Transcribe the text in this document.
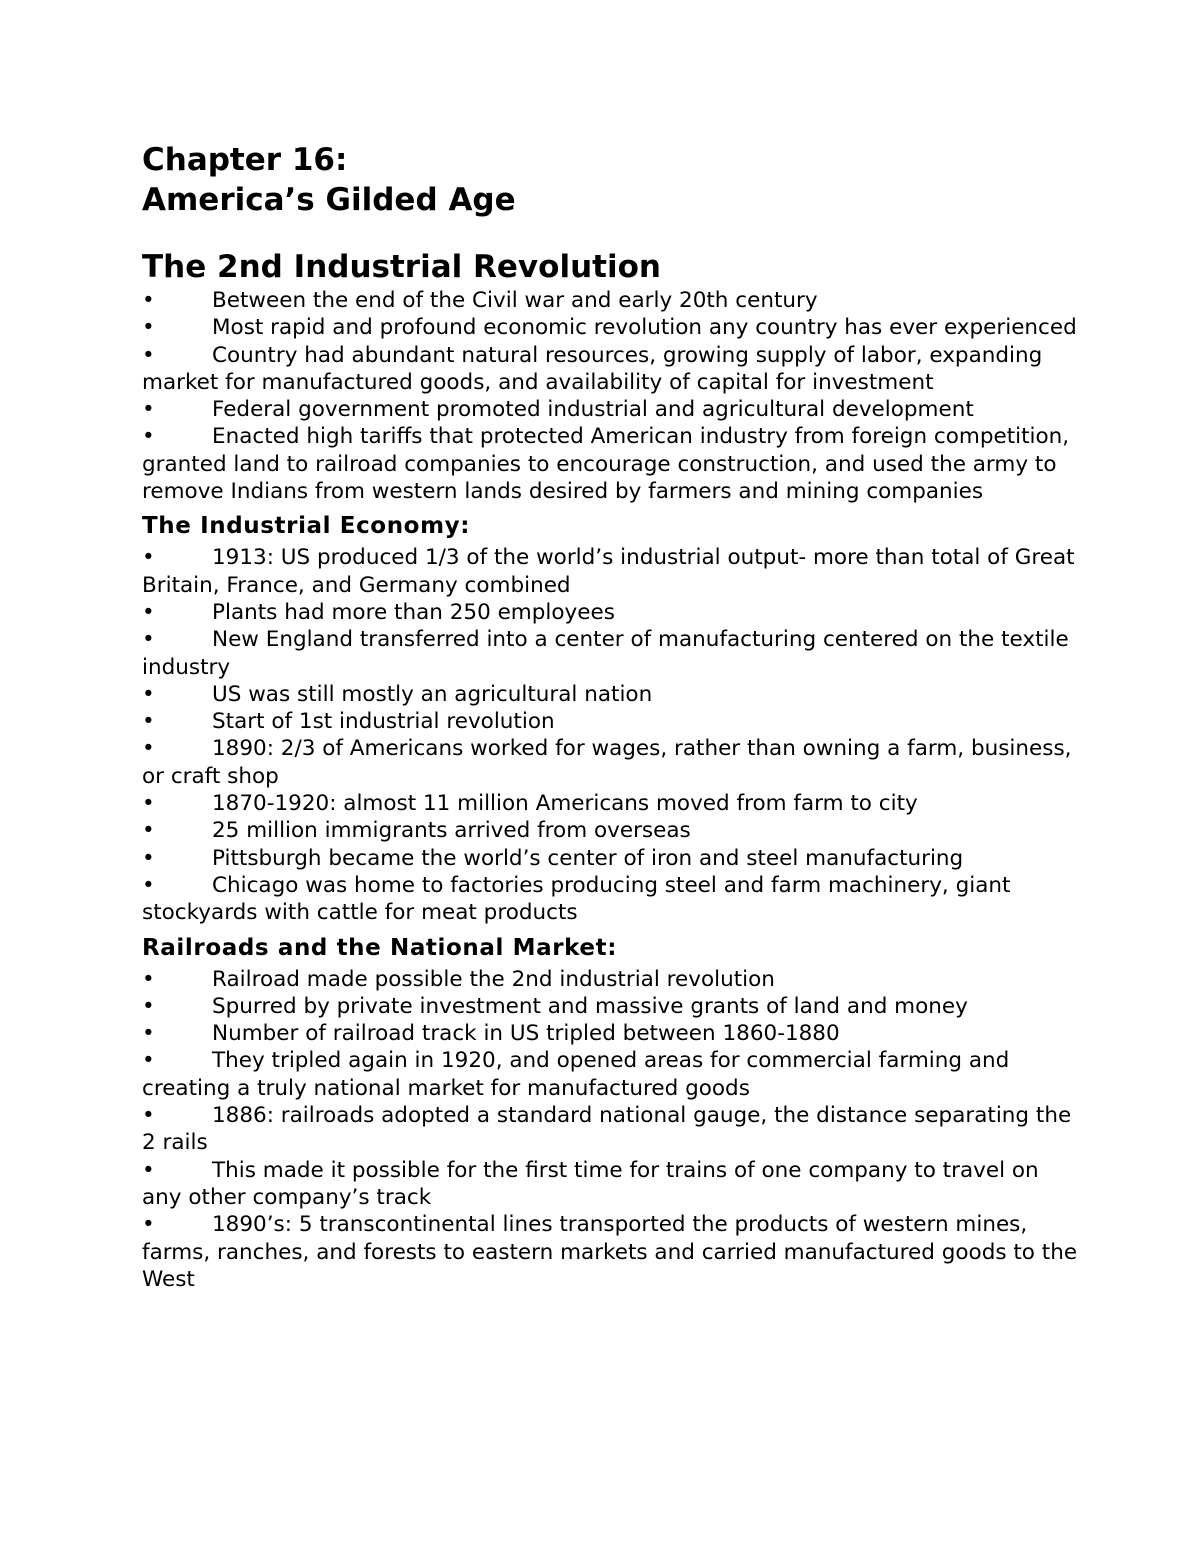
Chapter 16:
America’s Gilded Age
The 2nd Industrial Revolution
•	Between the end of the Civil war and early 20th century
•	Most rapid and profound economic revolution any country has ever experienced
•	Country had abundant natural resources, growing supply of labor, expanding market for manufactured goods, and availability of capital for investment
•	Federal government promoted industrial and agricultural development
•	Enacted high tariffs that protected American industry from foreign competition, granted land to railroad companies to encourage construction, and used the army to remove Indians from western lands desired by farmers and mining companies
The Industrial Economy:
•	1913: US produced 1/3 of the world’s industrial output- more than total of Great Britain, France, and Germany combined
•	Plants had more than 250 employees
•	New England transferred into a center of manufacturing centered on the textile industry
•	US was still mostly an agricultural nation
•	Start of 1st industrial revolution
•	1890: 2/3 of Americans worked for wages, rather than owning a farm, business, or craft shop
•	1870-1920: almost 11 million Americans moved from farm to city
•	25 million immigrants arrived from overseas
•	Pittsburgh became the world’s center of iron and steel manufacturing
•	Chicago was home to factories producing steel and farm machinery, giant stockyards with cattle for meat products
Railroads and the National Market:
•	Railroad made possible the 2nd industrial revolution
•	Spurred by private investment and massive grants of land and money
•	Number of railroad track in US tripled between 1860-1880
•	They tripled again in 1920, and opened areas for commercial farming and creating a truly national market for manufactured goods
•	1886: railroads adopted a standard national gauge, the distance separating the 2 rails
•	This made it possible for the first time for trains of one company to travel on any other company’s track
•	1890’s: 5 transcontinental lines transported the products of western mines, farms, ranches, and forests to eastern markets and carried manufactured goods to the West
